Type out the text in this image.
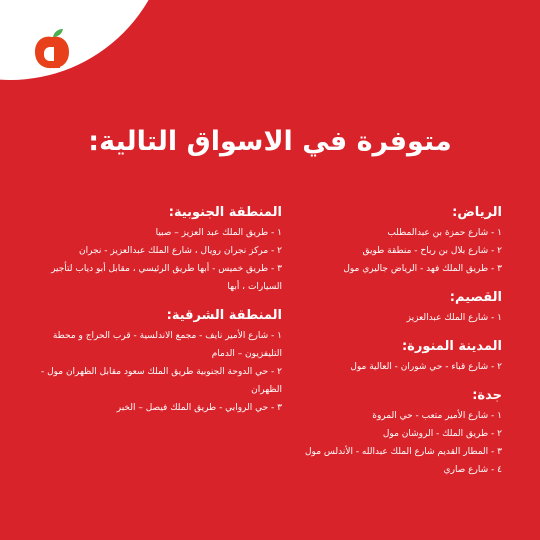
متوفرة في الاسواق التالية:
الرياض:
١ - شارع حمزة بن عبدالمطلب
٢ - شارع بلال بن رباح - منطقة طويق
٣ - طريق الملك فهد - الرياض جاليري مول
القصيم:
١ - شارع الملك عبدالعزيز
المدينة المنورة:
٢ - شارع قباء - حي شوران - العالية مول
جدة:
١ - شارع الأمير متعب - حي المروة
٢ - طريق الملك - الروشان مول
٣ - المطار القديم شارع الملك عبدالله - الأندلس مول
٤ - شارع صاري
المنطقة الجنوبية:
١ - طريق الملك عبد العزيز – صبيا
٢ - مركز نجران رويال ، شارع الملك عبدالعزيز - نجران
٣ - طريق خميس - أبها طريق الرئيسي ، مقابل أبو دياب لتأجير السيارات ، أبها
المنطقة الشرقية:
١ - شارع الأمير نايف - مجمع الاندلسية - قرب الحراج و محطة التليفزيون – الدمام
٢ - حي الدوحة الجنوبية طريق الملك سعود مقابل الظهران مول - الظهران
٣ - حي الروابي - طريق الملك فيصل – الخبر
